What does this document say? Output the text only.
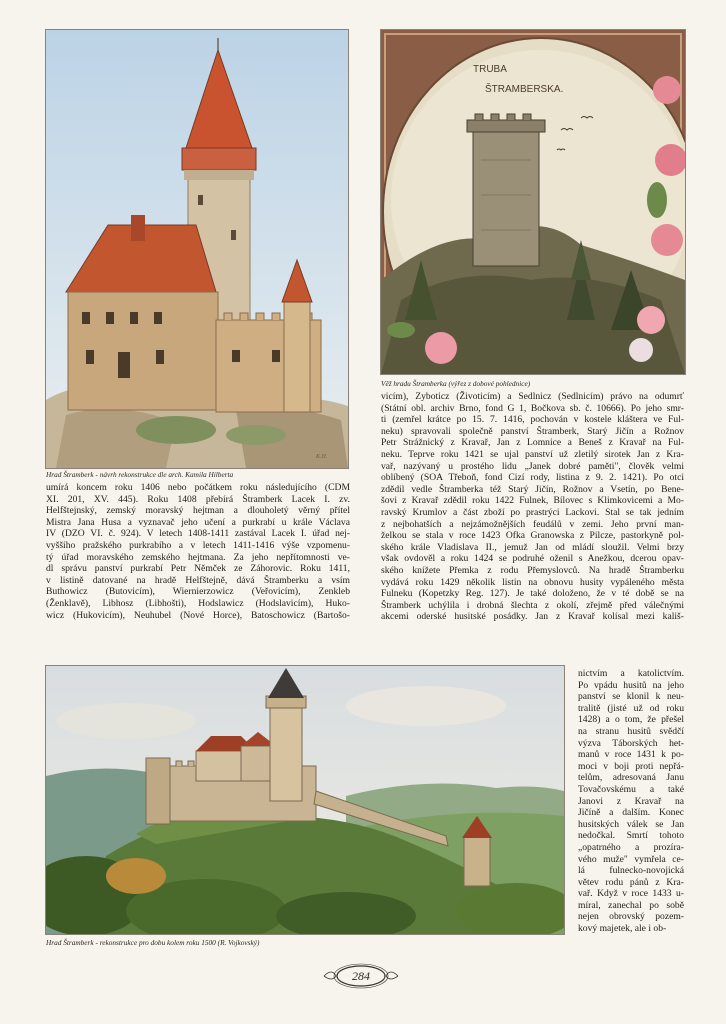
K.H.
Hrad Štramberk - návrh rekonstrukce dle arch. Kamila Hilberta
TRUBA
ŠTRAMBERSKA.
Věž hradu Štramberka (výřez z dobové pohlednice)
umírá koncem roku 1406 nebo počátkem roku následujícího (CDM
XI. 201, XV. 445). Roku 1408 přebírá Štramberk Lacek I. zv.
Helfštejnský, zemský moravský hejtman a dlouholetý věrný přítel
Mistra Jana Husa a vyznavač jeho učení a purkrabí u krále Václava
IV (DZO VI. č. 924). V letech 1408-1411 zastával Lacek I. úřad nej-
vyššího pražského purkrabího a v letech 1411-1416 výše vzpomenu-
tý úřad moravského zemského hejtmana. Za jeho nepřítomnosti ve-
dl správu panství purkrabí Petr Němček ze Záhorovic. Roku 1411,
v listině datované na hradě Helfštejně, dává Štramberku a vsím
Buthowicz (Butovicím), Wiernierzowicz (Veřovicím), Zenkleb
(Ženklavě), Libhosz (Libhošti), Hodslawicz (Hodslavicím), Huko-
wicz (Hukovicím), Neuhubel (Nové Horce), Batoschowicz (Bartošo-
vicím), Zyboticz (Životicím) a Sedlnicz (Sedlnicím) právo na odumrť
(Státní obl. archiv Brno, fond G 1, Bočkova sb. č. 10666). Po jeho smr-
ti (zemřel krátce po 15. 7. 1416, pochován v kostele kláštera ve Ful-
neku) spravovali společně panství Štramberk, Starý Jičín a Rožnov
Petr Strážnický z Kravař, Jan z Lomnice a Beneš z Kravař na Ful-
neku. Teprve roku 1421 se ujal panství už zletilý sirotek Jan z Kra-
vař, nazývaný u prostého lidu „Janek dobré paměti", člověk velmi
oblíbený (SOA Třeboň, fond Cizí rody, listina z 9. 2. 1421). Po otci
zdědil vedle Štramberka též Starý Jičín, Rožnov a Vsetín, po Bene-
šovi z Kravař zdědil roku 1422 Fulnek, Bílovec s Klimkovicemi a Mo-
ravský Krumlov a část zboží po prastrýci Lackovi. Stal se tak jedním
z nejbohatších a nejzámožnějších feudálů v zemi. Jeho první man-
želkou se stala v roce 1423 Ofka Granowska z Pilcze, pastorkyně pol-
ského krále Vladislava II., jemuž Jan od mládí sloužil. Velmi brzy
však ovdověl a roku 1424 se podruhé oženil s Anežkou, dcerou opav-
ského knížete Přemka z rodu Přemyslovců. Na hradě Štramberku
vydává roku 1429 několik listin na obnovu husity vypáleného města
Fulneku (Kopetzky Reg. 127). Je také doloženo, že v té době se na
Štramberk uchýlila i drobná šlechta z okolí, zřejmě před válečnými
akcemi oderské husitské posádky. Jan z Kravař kolísal mezi kališ-
Hrad Štramberk - rekonstrukce pro dobu kolem roku 1500 (R. Vojkovský)
nictvím a katolictvím.
Po vpádu husitů na jeho
panství se klonil k neu-
tralitě (jisté už od roku
1428) a o tom, že přešel
na stranu husitů svědčí
výzva Táborských het-
manů v roce 1431 k po-
moci v boji proti nepřá-
telům, adresovaná Janu
Tovačovskému a také
Janovi z Kravař na
Jičíně a dalším. Konec
husitských válek se Jan
nedočkal. Smrtí tohoto
„opatrného a prozíra-
vého muže" vymřela ce-
lá fulnecko-novojická
větev rodu pánů z Kra-
vař. Když v roce 1433 u-
míral, zanechal po sobě
nejen obrovský pozem-
kový majetek, ale i ob-
284
